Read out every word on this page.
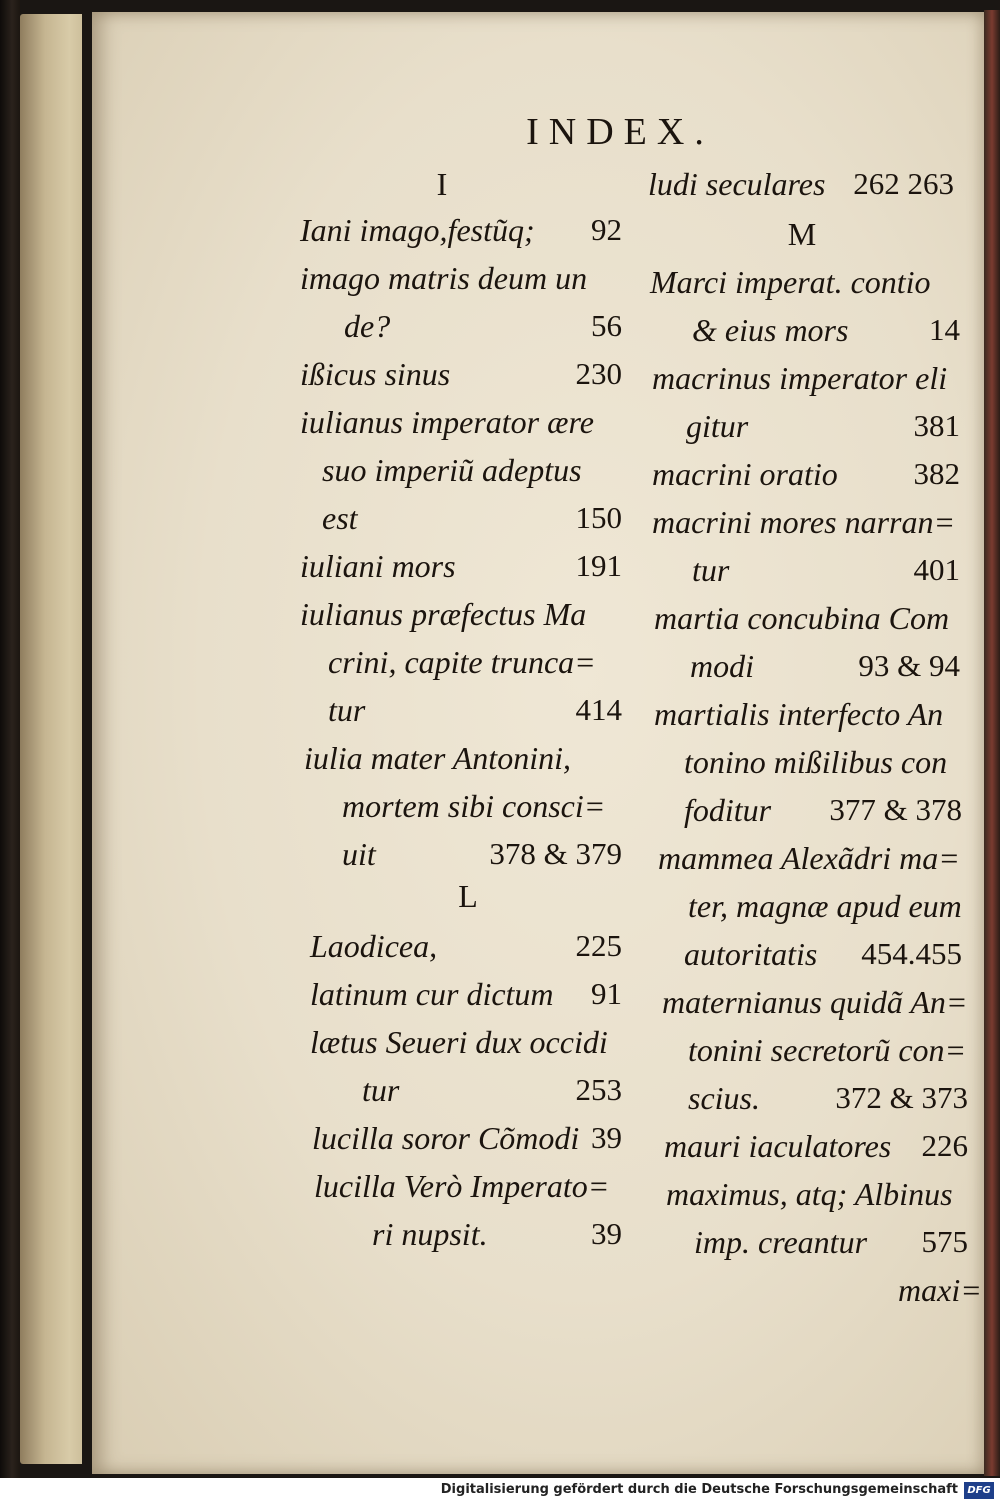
INDEX.
I
Iani imago,festũq;	92
imago matris deum un
de?	56
ißicus sinus	230
iulianus imperator ære
suo imperiũ adeptus
est	150
iuliani mors	191
iulianus præfectus Ma
crini, capite trunca=
tur	414
iulia mater Antonini,
mortem sibi consci=
uit	378 & 379
L
Laodicea,	225
latinum cur dictum	91
lætus Seueri dux occidi
tur	253
lucilla soror Cõmodi 39
lucilla Verò Imperato=
ri nupsit.	39
ludi seculares 262 263
M
Marci imperat. contio
& eius mors	14
macrinus imperator eli
gitur	381
macrini oratio	382
macrini mores narran=
tur	401
martia concubina Com
modi	93 & 94
martialis interfecto An
tonino mißilibus con
foditur	377 & 378
mammea Alexãdri ma=
ter, magnæ apud eum
autoritatis	454.455
maternianus quidã An=
tonini secretorũ con=
scius.	372 & 373
mauri iaculatores 226
maximus, atq; Albinus
imp. creantur	575
maxi=
Digitalisierung gefördert durch die Deutsche Forschungsgemeinschaft DFG
